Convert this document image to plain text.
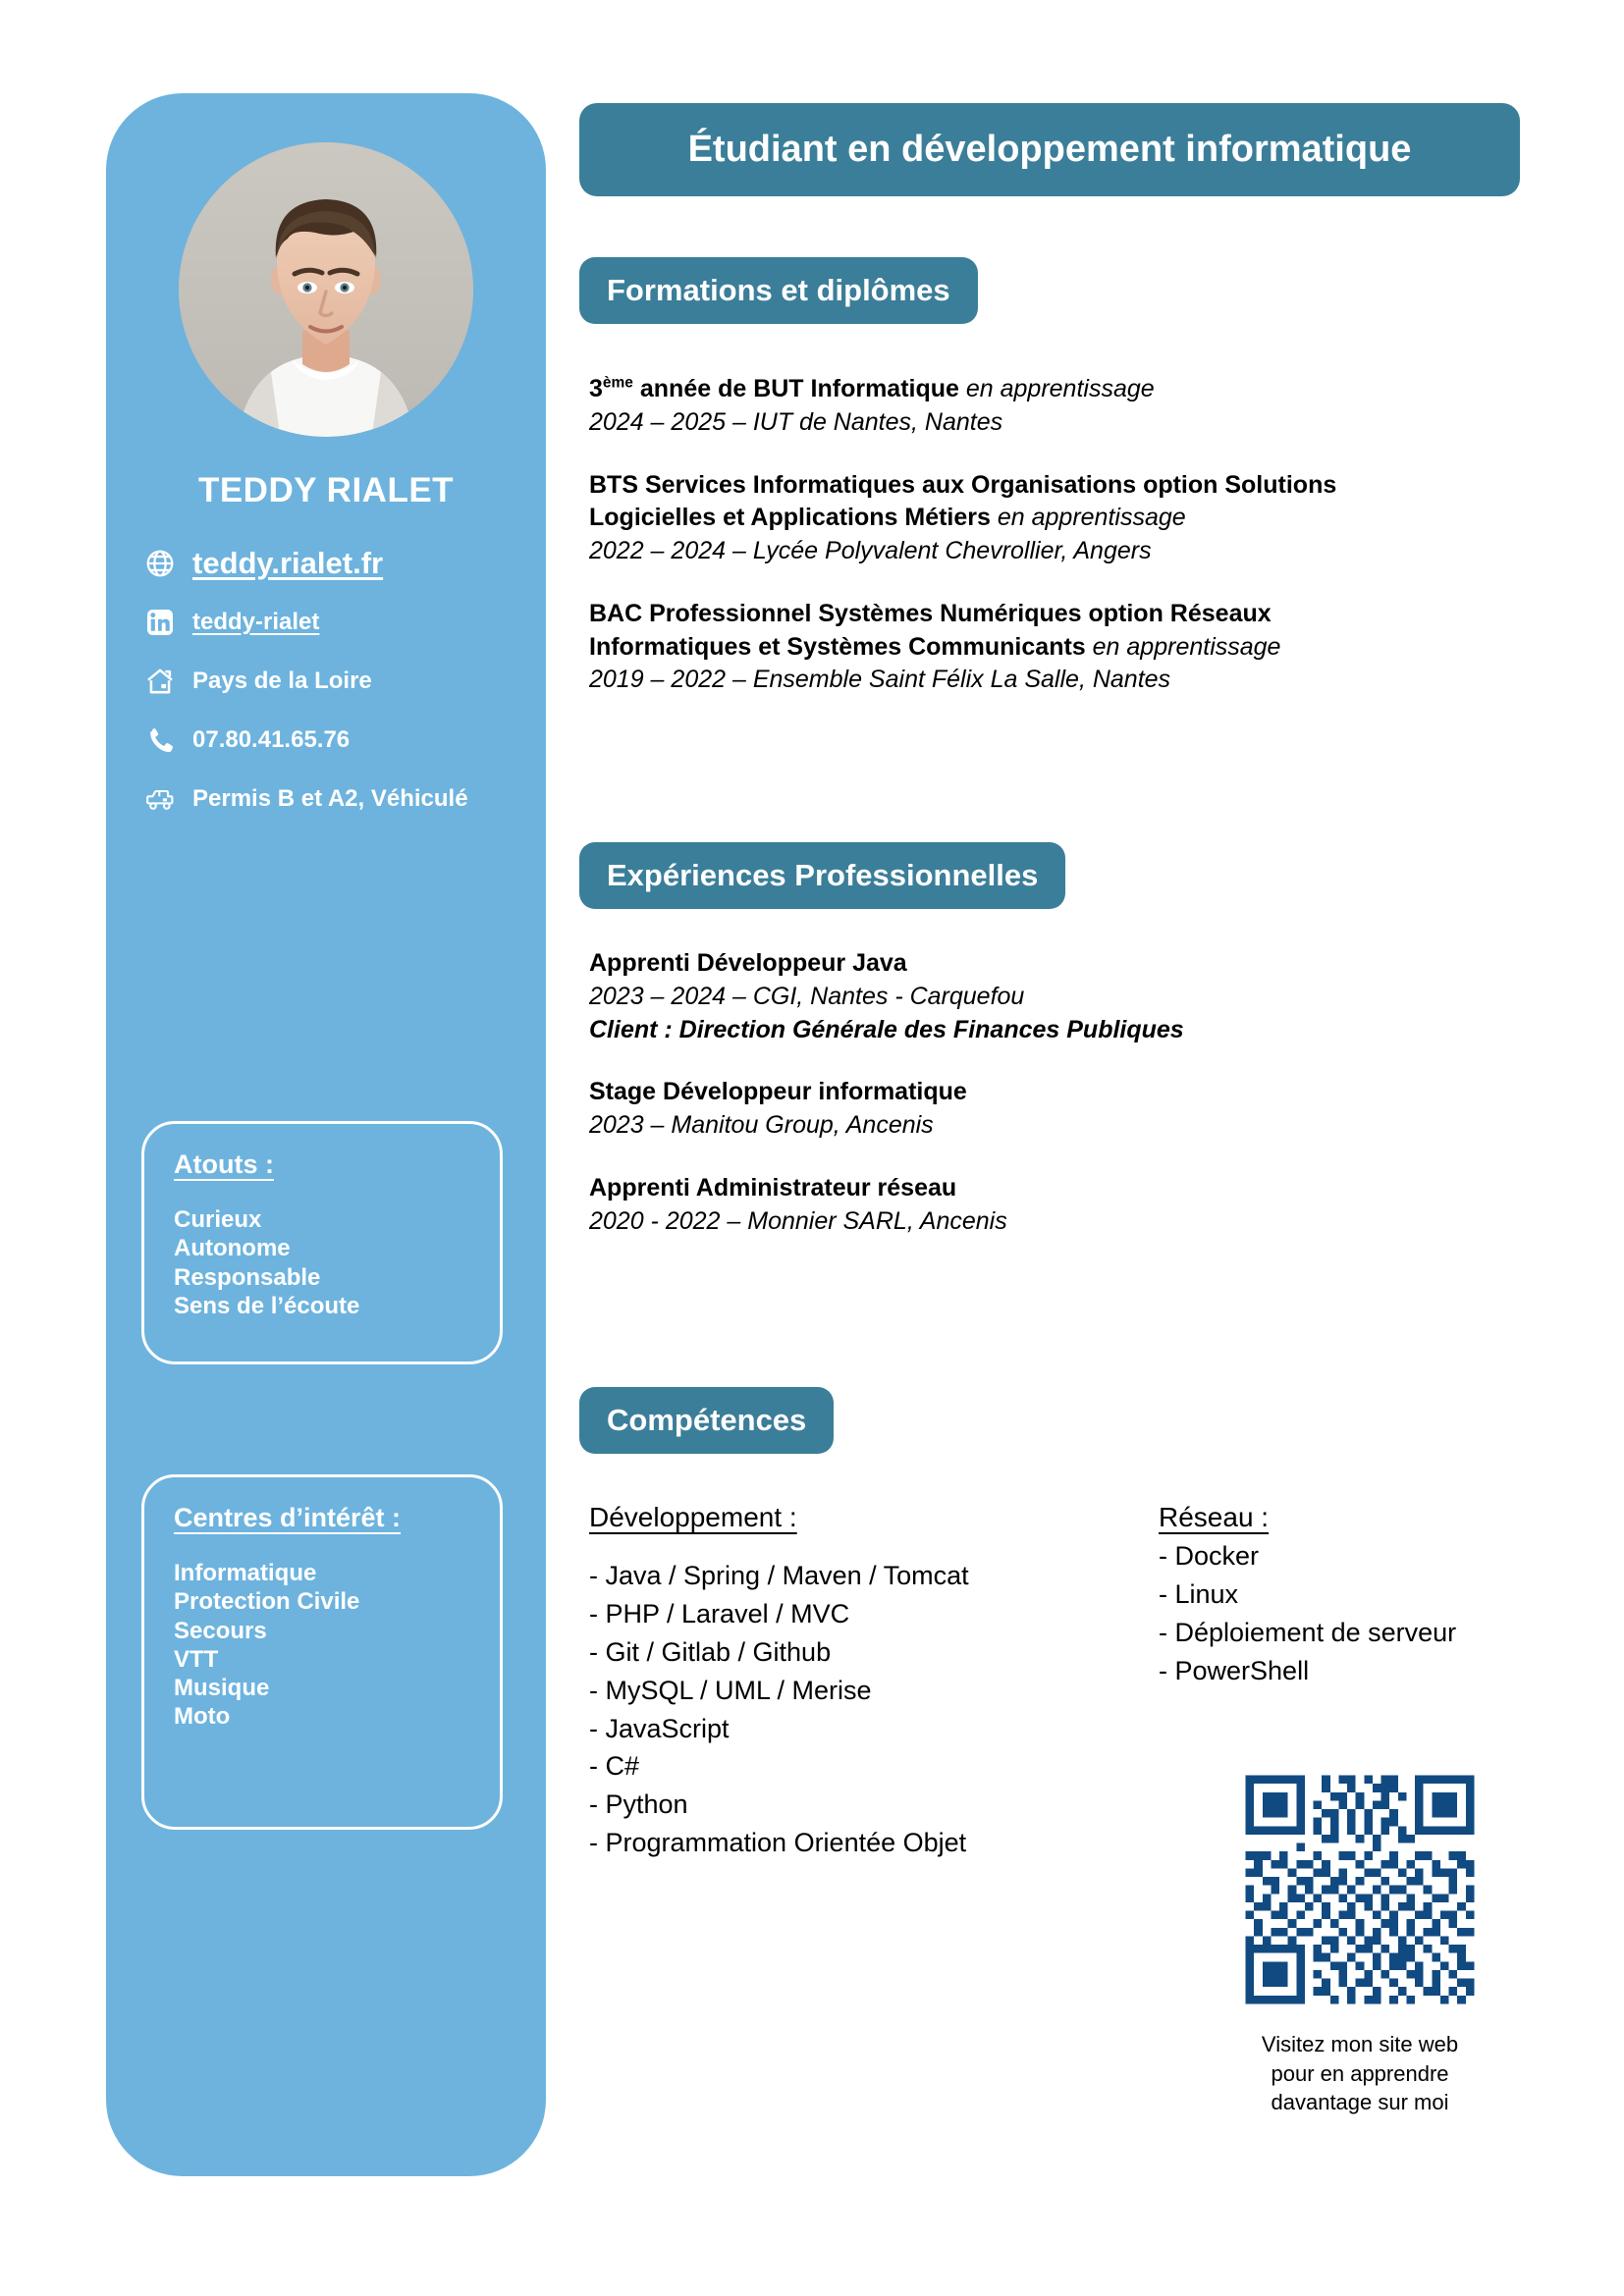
TEDDY RIALET
teddy.rialet.fr
teddy-rialet
Pays de la Loire
07.80.41.65.76
Permis B et A2, Véhiculé
Atouts :
Curieux
Autonome
Responsable
Sens de l’écoute
Centres d’intérêt :
Informatique
Protection Civile
Secours
VTT
Musique
Moto
Étudiant en développement informatique
Formations et diplômes
3ème année de BUT Informatique en apprentissage
2024 – 2025 – IUT de Nantes, Nantes
BTS Services Informatiques aux Organisations option Solutions
Logicielles et Applications Métiers en apprentissage
2022 – 2024 – Lycée Polyvalent Chevrollier, Angers
BAC Professionnel Systèmes Numériques option Réseaux
Informatiques et Systèmes Communicants en apprentissage
2019 – 2022 – Ensemble Saint Félix La Salle, Nantes
Expériences Professionnelles
Apprenti Développeur Java
2023 – 2024 – CGI, Nantes - Carquefou
Client : Direction Générale des Finances Publiques
Stage Développeur informatique
2023 – Manitou Group, Ancenis
Apprenti Administrateur réseau
2020 - 2022 – Monnier SARL, Ancenis
Compétences
Développement :
- Java / Spring / Maven / Tomcat
- PHP / Laravel / MVC
- Git / Gitlab / Github
- MySQL / UML / Merise
- JavaScript
- C#
- Python
- Programmation Orientée Objet
Réseau :
- Docker
- Linux
- Déploiement de serveur
- PowerShell
Visitez mon site web
pour en apprendre
davantage sur moi
